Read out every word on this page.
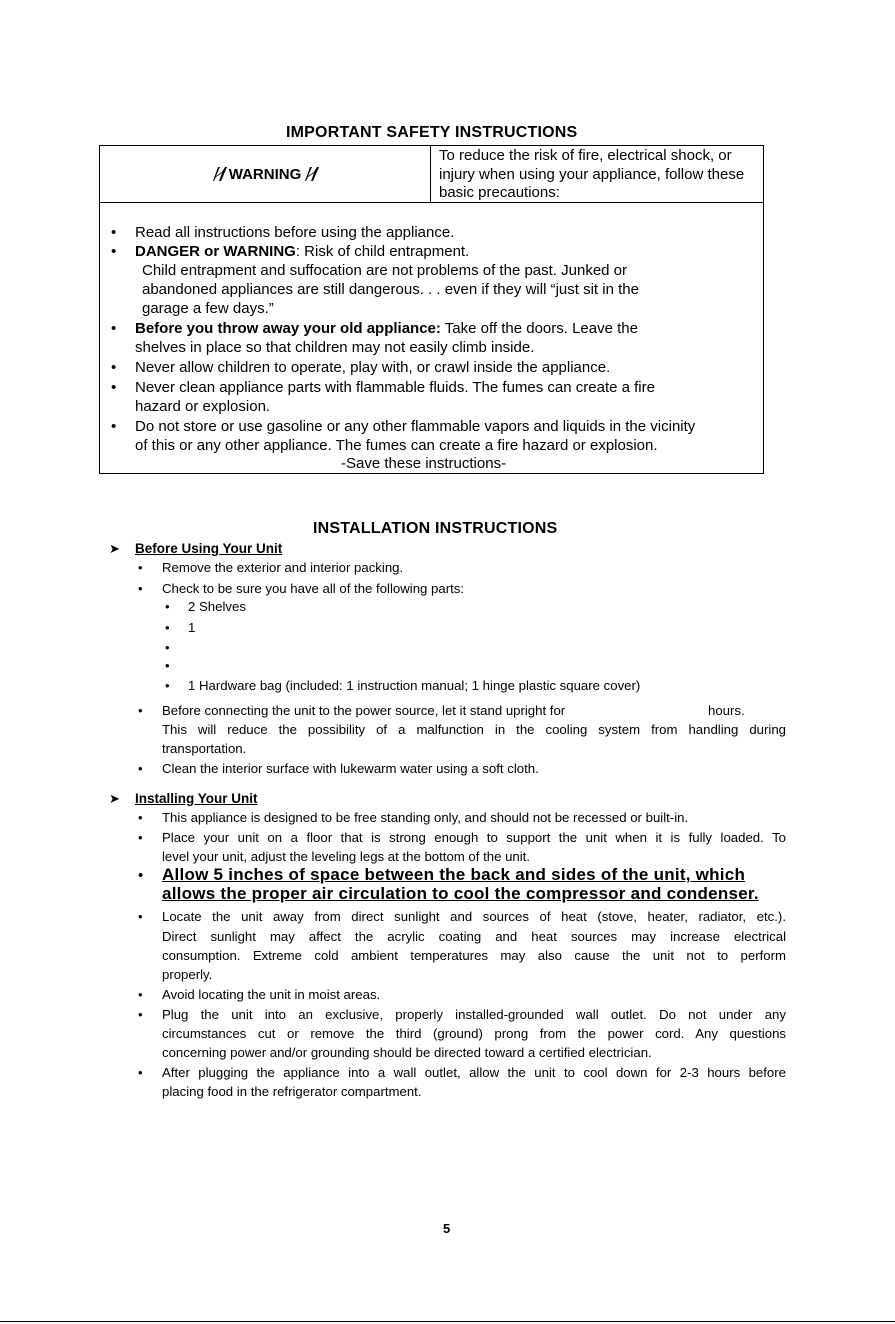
IMPORTANT SAFETY INSTRUCTIONS
WARNING
To reduce the risk of fire, electrical shock, or injury when using your appliance, follow these basic precautions:
•
Read all instructions before using the appliance.
•
DANGER or WARNING: Risk of child entrapment.
Child entrapment and suffocation are not problems of the past. Junked or
abandoned appliances are still dangerous. . . even if they will “just sit in the
garage a few days.”
•
Before you throw away your old appliance: Take off the doors. Leave the
shelves in place so that children may not easily climb inside.
•
Never allow children to operate, play with, or crawl inside the appliance.
•
Never clean appliance parts with flammable fluids. The fumes can create a fire
hazard or explosion.
•
Do not store or use gasoline or any other flammable vapors and liquids in the vicinity
of this or any other appliance. The fumes can create a fire hazard or explosion.
-Save these instructions-
INSTALLATION INSTRUCTIONS
➤ Before Using Your Unit
•
Remove the exterior and interior packing.
•
Check to be sure you have all of the following parts:
•
2 Shelves
•
1
•
•
•
1 Hardware bag (included: 1 instruction manual; 1 hinge plastic square cover)
•
Before connecting the unit to the power source, let it stand upright for	hours.
This will reduce the possibility of a malfunction in the cooling system from handling during
transportation.
•
Clean the interior surface with lukewarm water using a soft cloth.
➤ Installing Your Unit
•
This appliance is designed to be free standing only, and should not be recessed or built-in.
•
Place your unit on a floor that is strong enough to support the unit when it is fully loaded. To
level your unit, adjust the leveling legs at the bottom of the unit.
•
Allow 5 inches of space between the back and sides of the unit, which
allows the proper air circulation to cool the compressor and condenser.
•
Locate the unit away from direct sunlight and sources of heat (stove, heater, radiator, etc.).
Direct sunlight may affect the acrylic coating and heat sources may increase electrical
consumption. Extreme cold ambient temperatures may also cause the unit not to perform
properly.
•
Avoid locating the unit in moist areas.
•
Plug the unit into an exclusive, properly installed-grounded wall outlet. Do not under any
circumstances cut or remove the third (ground) prong from the power cord. Any questions
concerning power and/or grounding should be directed toward a certified electrician.
•
After plugging the appliance into a wall outlet, allow the unit to cool down for 2-3 hours before
placing food in the refrigerator compartment.
5
